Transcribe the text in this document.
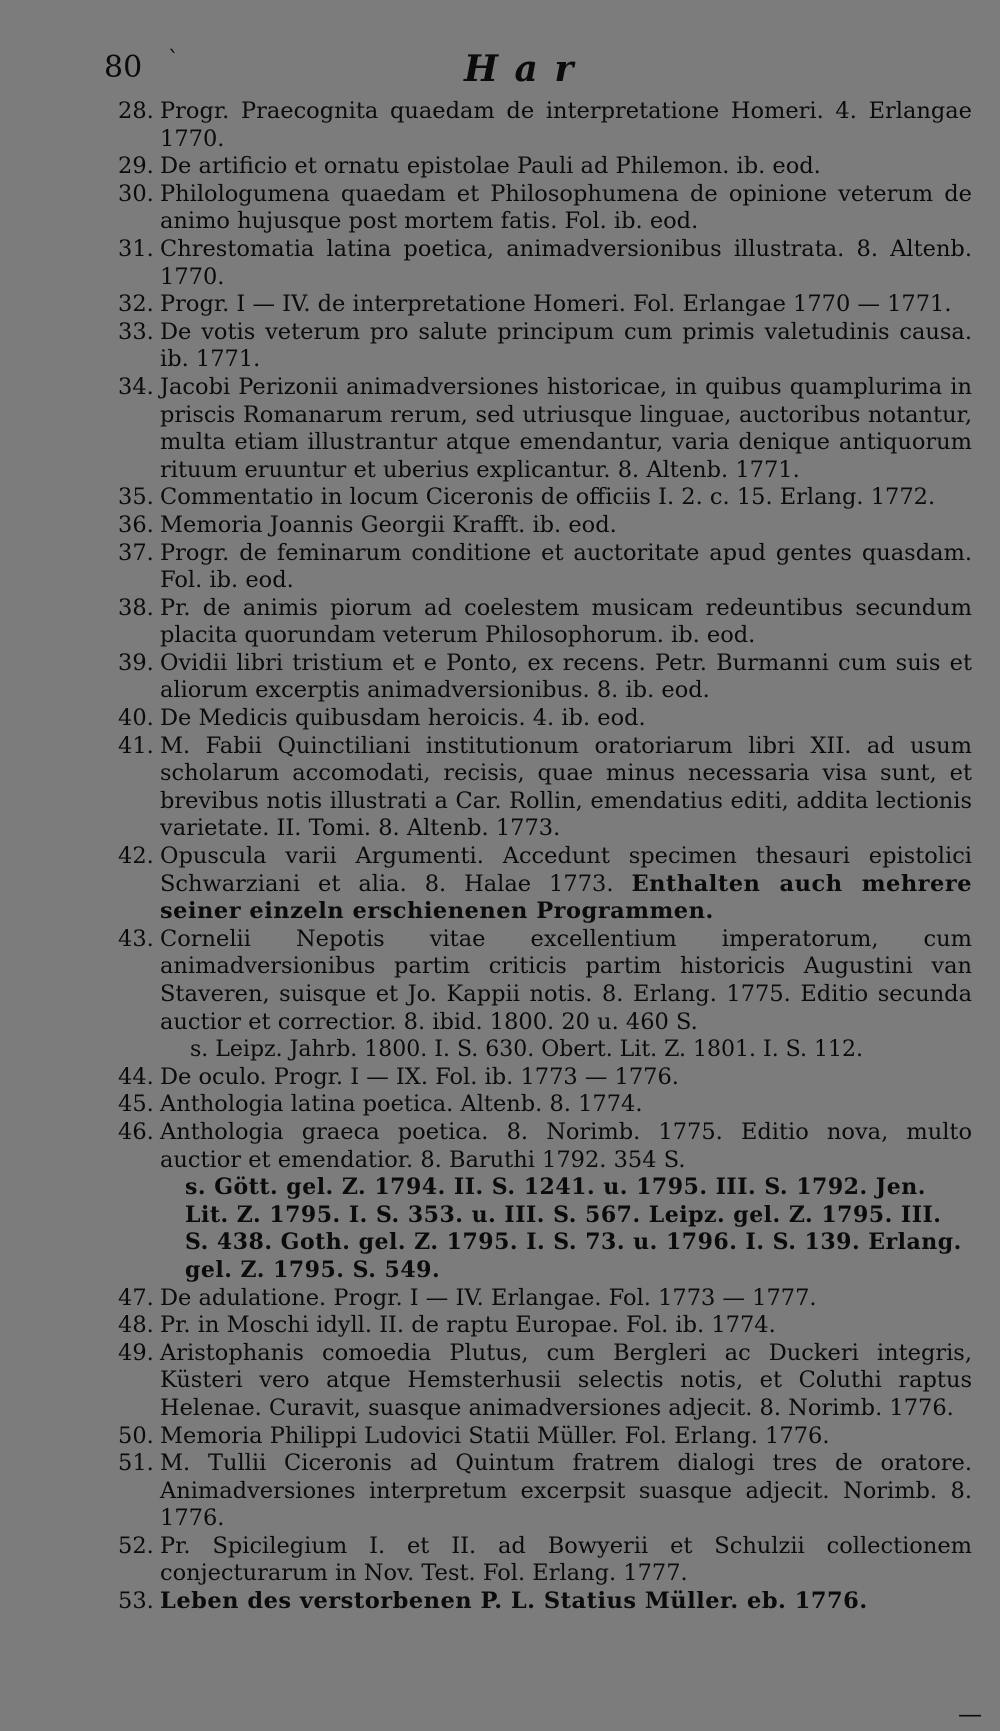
80 `	H a r
28. Progr. Praecognita quaedam de interpretatione Homeri. 4. Erlangae 1770.
29. De artificio et ornatu epistolae Pauli ad Philemon. ib. eod.
30. Philologumena quaedam et Philosophumena de opinione veterum de animo hujusque post mortem fatis. Fol. ib. eod.
31. Chrestomatia latina poetica, animadversionibus illustrata. 8. Altenb. 1770.
32. Progr. I — IV. de interpretatione Homeri. Fol. Erlangae 1770 — 1771.
33. De votis veterum pro salute principum cum primis valetudinis causa. ib. 1771.
34. Jacobi Perizonii animadversiones historicae, in quibus quamplurima in priscis Romanarum rerum, sed utriusque linguae, auctoribus notantur, multa etiam illustrantur atque emendantur, varia denique antiquorum rituum eruuntur et uberius explicantur. 8. Altenb. 1771.
35. Commentatio in locum Ciceronis de officiis I. 2. c. 15. Erlang. 1772.
36. Memoria Joannis Georgii Krafft. ib. eod.
37. Progr. de feminarum conditione et auctoritate apud gentes quasdam. Fol. ib. eod.
38. Pr. de animis piorum ad coelestem musicam redeuntibus secundum placita quorundam veterum Philosophorum. ib. eod.
39. Ovidii libri tristium et e Ponto, ex recens. Petr. Burmanni cum suis et aliorum excerptis animadversionibus. 8. ib. eod.
40. De Medicis quibusdam heroicis. 4. ib. eod.
41. M. Fabii Quinctiliani institutionum oratoriarum libri XII. ad usum scholarum accomodati, recisis, quae minus necessaria visa sunt, et brevibus notis illustrati a Car. Rollin, emendatius editi, addita lectionis varietate. II. Tomi. 8. Altenb. 1773.
42. Opuscula varii Argumenti. Accedunt specimen thesauri epistolici Schwarziani et alia. 8. Halae 1773. Enthalten auch mehrere seiner einzeln erschienenen Programmen.
43. Cornelii Nepotis vitae excellentium imperatorum, cum animadversionibus partim criticis partim historicis Augustini van Staveren, suisque et Jo. Kappii notis. 8. Erlang. 1775. Editio secunda auctior et correctior. 8. ibid. 1800. 20 u. 460 S.
s. Leipz. Jahrb. 1800. I. S. 630. Obert. Lit. Z. 1801. I. S. 112.
44. De oculo. Progr. I — IX. Fol. ib. 1773 — 1776.
45. Anthologia latina poetica. Altenb. 8. 1774.
46. Anthologia graeca poetica. 8. Norimb. 1775. Editio nova, multo auctior et emendatior. 8. Baruthi 1792. 354 S.
s. Gött. gel. Z. 1794. II. S. 1241. u. 1795. III. S. 1792. Jen. Lit. Z. 1795. I. S. 353. u. III. S. 567. Leipz. gel. Z. 1795. III. S. 438. Goth. gel. Z. 1795. I. S. 73. u. 1796. I. S. 139. Erlang. gel. Z. 1795. S. 549.
47. De adulatione. Progr. I — IV. Erlangae. Fol. 1773 — 1777.
48. Pr. in Moschi idyll. II. de raptu Europae. Fol. ib. 1774.
49. Aristophanis comoedia Plutus, cum Bergleri ac Duckeri integris, Küsteri vero atque Hemsterhusii selectis notis, et Coluthi raptus Helenae. Curavit, suasque animadversiones adjecit. 8. Norimb. 1776.
50. Memoria Philippi Ludovici Statii Müller. Fol. Erlang. 1776.
51. M. Tullii Ciceronis ad Quintum fratrem dialogi tres de oratore. Animadversiones interpretum excerpsit suasque adjecit. Norimb. 8. 1776.
52. Pr. Spicilegium I. et II. ad Bowyerii et Schulzii collectionem conjecturarum in Nov. Test. Fol. Erlang. 1777.
53. Leben des verstorbenen P. L. Statius Müller. eb. 1776.
—
